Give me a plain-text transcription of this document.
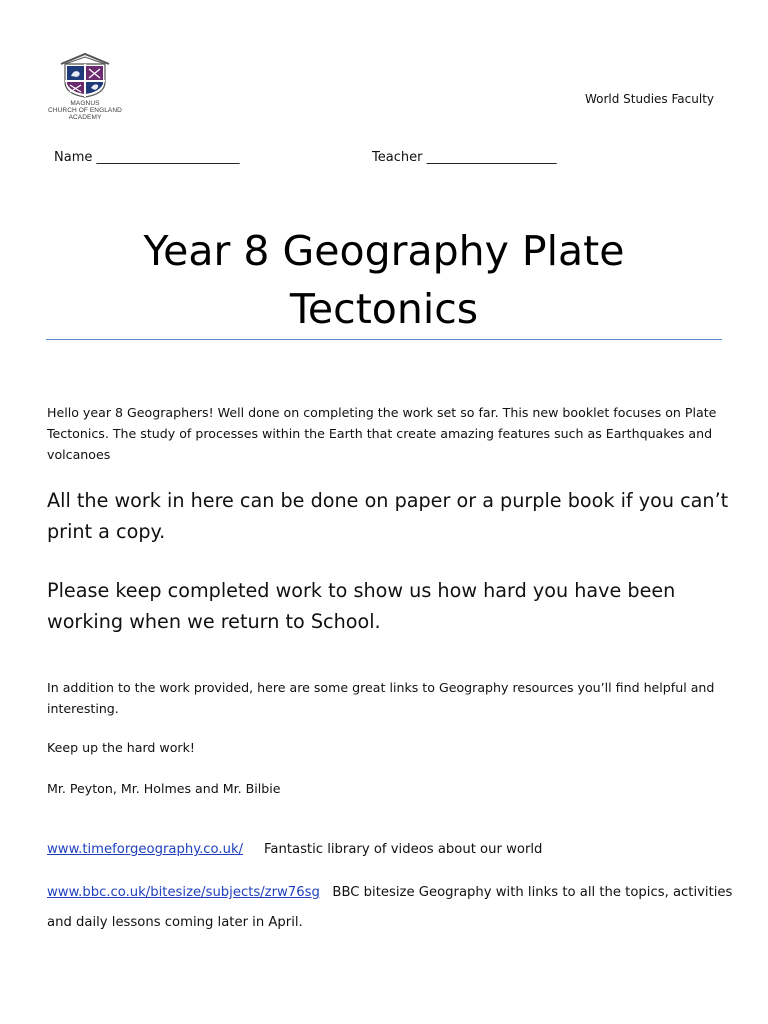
MAGNUS
CHURCH OF ENGLAND
ACADEMY
World Studies Faculty
Name ______________________	Teacher ____________________
Year 8 Geography Plate
Tectonics

Hello year 8 Geographers! Well done on completing the work set so far. This new booklet focuses on Plate Tectonics. The study of processes within the Earth that create amazing features such as Earthquakes and volcanoes

All the work in here can be done on paper or a purple book if you can’t print a copy.

Please keep completed work to show us how hard you have been working when we return to School.

In addition to the work provided, here are some great links to Geography resources you’ll find helpful and interesting.

Keep up the hard work!

Mr. Peyton, Mr. Holmes and Mr. Bilbie

www.timeforgeography.co.uk/ Fantastic library of videos about our world

www.bbc.co.uk/bitesize/subjects/zrw76sg BBC bitesize Geography with links to all the topics, activities and daily lessons coming later in April.
